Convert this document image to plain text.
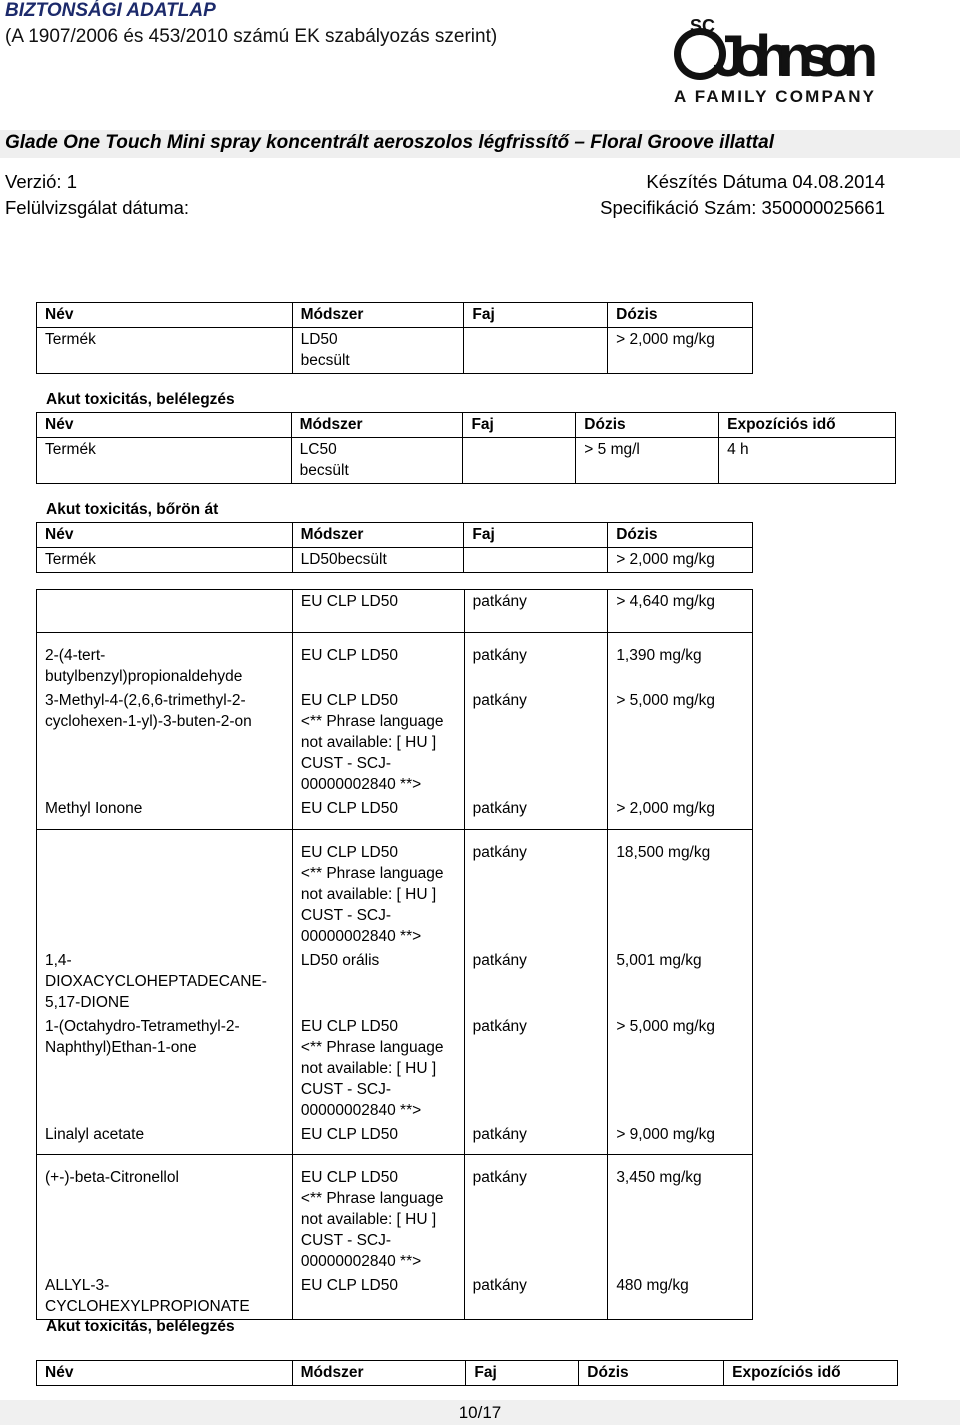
BIZTONSÁGI ADATLAP
(A 1907/2006 és 453/2010 számú EK szabályozás szerint)	SC
Johnson
A FAMILY COMPANY
Glade One Touch Mini spray koncentrált aeroszolos légfrissítő – Floral Groove illattal
Verzió: 1
Felülvizsgálat dátuma:
Készítés Dátuma 04.08.2014
Specifikáció Szám: 350000025661
Név	Módszer	Faj	Dózis
Termék	LD50
becsült		> 2,000 mg/kg
Akut toxicitás, belélegzés
Név	Módszer	Faj	Dózis	Expozíciós idő
Termék	LC50
becsült		> 5 mg/l	4 h
Akut toxicitás, bőrön át
Név	Módszer	Faj	Dózis
Termék	LD50becsült		> 2,000 mg/kg
	EU CLP LD50	patkány	> 4,640 mg/kg
2-(4-tert-
butylbenzyl)propionaldehyde	EU CLP LD50	patkány	1,390 mg/kg
3-Methyl-4-(2,6,6-trimethyl-2-
cyclohexen-1-yl)-3-buten-2-on	EU CLP LD50
<** Phrase language
not available: [ HU ]
CUST - SCJ-
00000002840 **>	patkány	> 5,000 mg/kg
Methyl Ionone	EU CLP LD50	patkány	> 2,000 mg/kg
	EU CLP LD50
<** Phrase language
not available: [ HU ]
CUST - SCJ-
00000002840 **>	patkány	18,500 mg/kg
1,4-DIOXACYCLOHEPTADECANE-
5,17-DIONE	LD50 orális	patkány	5,001 mg/kg
1-(Octahydro-Tetramethyl-2-
Naphthyl)Ethan-1-one	EU CLP LD50
<** Phrase language
not available: [ HU ]
CUST - SCJ-
00000002840 **>	patkány	> 5,000 mg/kg
Linalyl acetate	EU CLP LD50	patkány	> 9,000 mg/kg
(+-)-beta-Citronellol	EU CLP LD50
<** Phrase language
not available: [ HU ]
CUST - SCJ-
00000002840 **>	patkány	3,450 mg/kg
ALLYL-3-
CYCLOHEXYLPROPIONATE	EU CLP LD50	patkány	480 mg/kg
Akut toxicitás, belélegzés
Név	Módszer	Faj	Dózis	Expozíciós idő
10/17
